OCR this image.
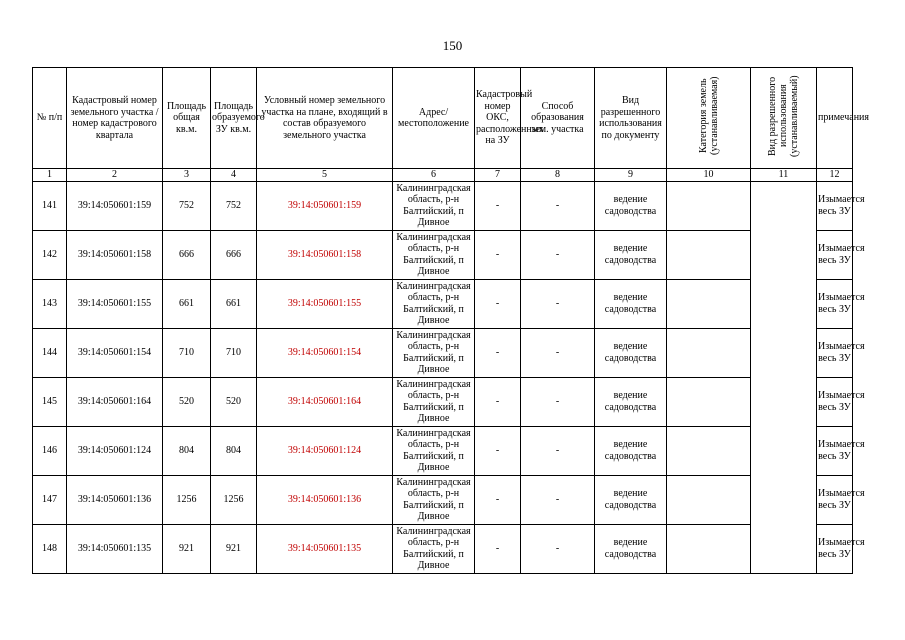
150
№ п/п	Кадастровый номер земельного участка /номер кадастрового квартала	Площадь общая кв.м.	Площадь образуемого ЗУ кв.м.	Условный номер земельного участка на плане, входящий в состав образуемого земельного участка	Адрес/ местоположение	Кадастровый номер ОКС, расположенных на ЗУ	Способ образования зем. участка	Вид разрешенного использования по документу	Категория земель (устанавливаемая)	Вид разрешенного использования (устанавливаемый)	примечания
1	2	3	4	5	6	7	8	9	10	11	12
141	39:14:050601:159	752	752	39:14:050601:159	Калининградская область, р-н Балтийский, п Дивное	-	-	ведение садоводства			Изымается весь ЗУ
142	39:14:050601:158	666	666	39:14:050601:158	Калининградская область, р-н Балтийский, п Дивное	-	-	ведение садоводства			Изымается весь ЗУ
143	39:14:050601:155	661	661	39:14:050601:155	Калининградская область, р-н Балтийский, п Дивное	-	-	ведение садоводства			Изымается весь ЗУ
144	39:14:050601:154	710	710	39:14:050601:154	Калининградская область, р-н Балтийский, п Дивное	-	-	ведение садоводства			Изымается весь ЗУ
145	39:14:050601:164	520	520	39:14:050601:164	Калининградская область, р-н Балтийский, п Дивное	-	-	ведение садоводства			Изымается весь ЗУ
146	39:14:050601:124	804	804	39:14:050601:124	Калининградская область, р-н Балтийский, п Дивное	-	-	ведение садоводства			Изымается весь ЗУ
147	39:14:050601:136	1256	1256	39:14:050601:136	Калининградская область, р-н Балтийский, п Дивное	-	-	ведение садоводства			Изымается весь ЗУ
148	39:14:050601:135	921	921	39:14:050601:135	Калининградская область, р-н Балтийский, п Дивное	-	-	ведение садоводства			Изымается весь ЗУ
